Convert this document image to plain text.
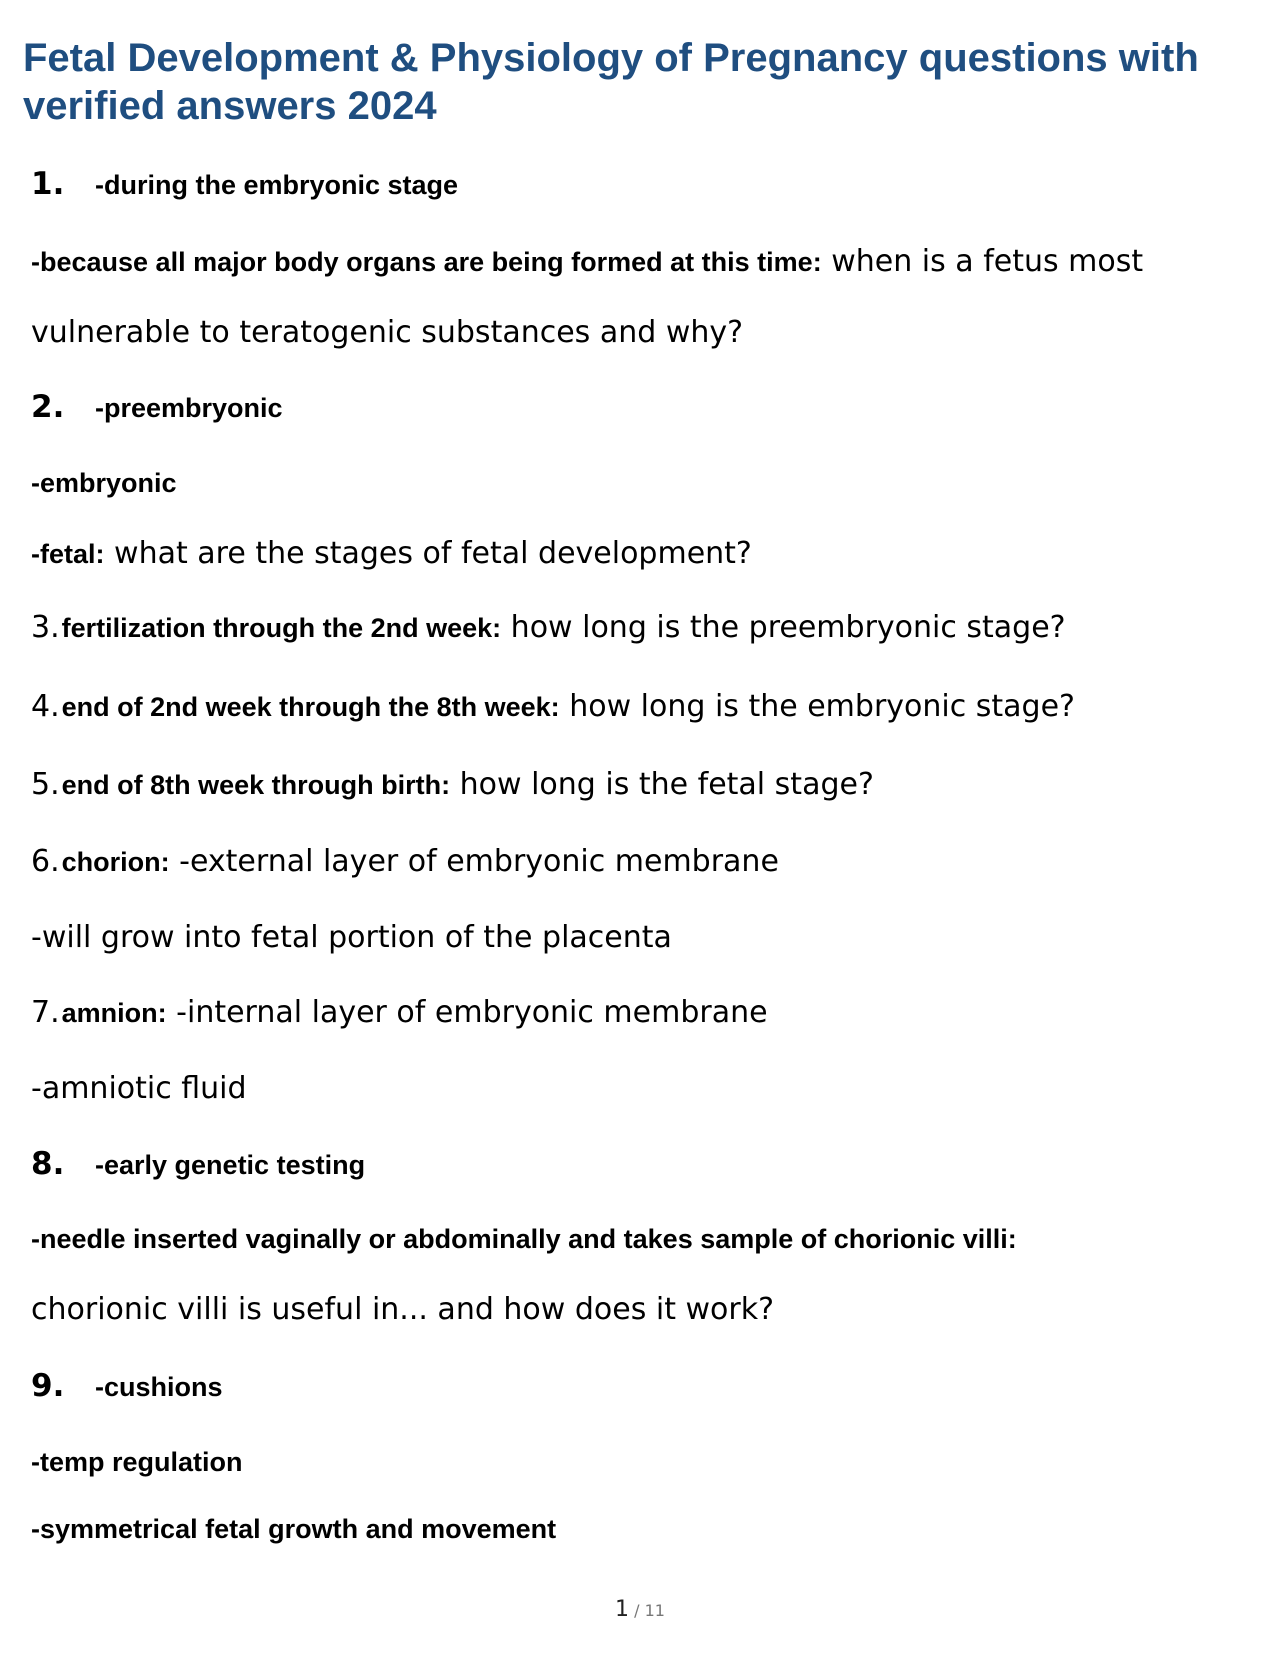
Fetal Development & Physiology of Pregnancy questions with verified answers 2024
1. -during the embryonic stage
-because all major body organs are being formed at this time: when is a fetus most
vulnerable to teratogenic substances and why?
2. -preembryonic
-embryonic
-fetal: what are the stages of fetal development?
3.fertilization through the 2nd week: how long is the preembryonic stage?
4.end of 2nd week through the 8th week: how long is the embryonic stage?
5.end of 8th week through birth: how long is the fetal stage?
6.chorion: -external layer of embryonic membrane
-will grow into fetal portion of the placenta
7.amnion: -internal layer of embryonic membrane
-amniotic fluid
8. -early genetic testing
-needle inserted vaginally or abdominally and takes sample of chorionic villi:
chorionic villi is useful in... and how does it work?
9. -cushions
-temp regulation
-symmetrical fetal growth and movement
1 / 11
